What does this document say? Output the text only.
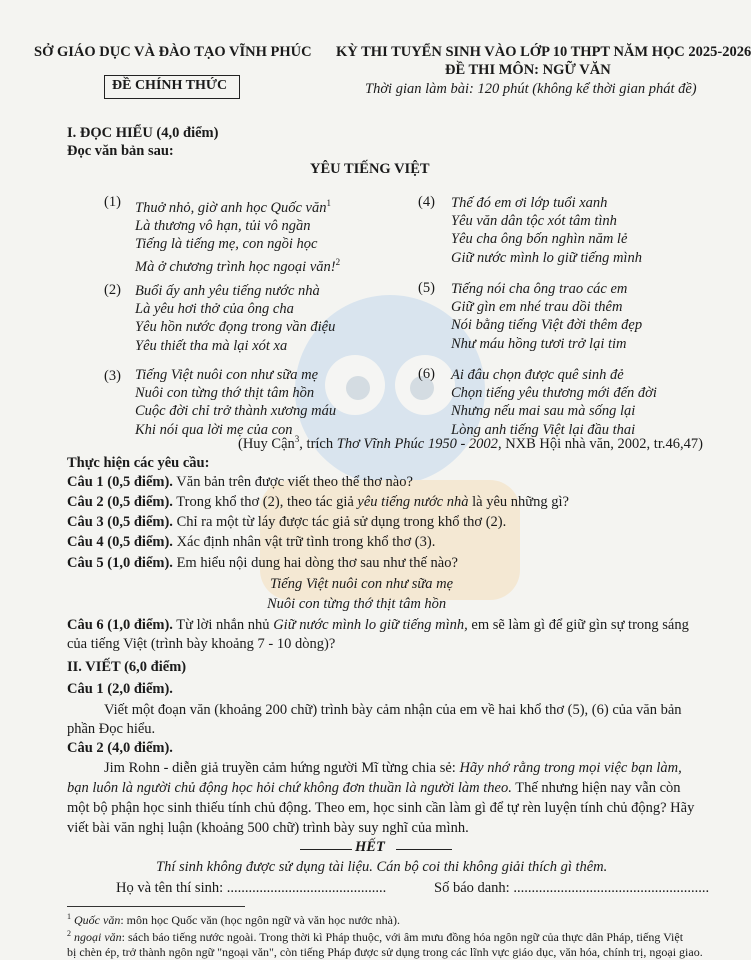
SỞ GIÁO DỤC VÀ ĐÀO TẠO VĨNH PHÚC
ĐỀ CHÍNH THỨC
KỲ THI TUYỂN SINH VÀO LỚP 10 THPT NĂM HỌC 2025-2026
ĐỀ THI MÔN: NGỮ VĂN
Thời gian làm bài: 120 phút (không kể thời gian phát đề)
I. ĐỌC HIỂU (4,0 điểm)
Đọc văn bản sau:
YÊU TIẾNG VIỆT
(1) Thuở nhỏ, giờ anh học Quốc văn$^1$
Là thương vô hạn, tủi vô ngần
Tiếng là tiếng mẹ, con ngồi học
Mà ở chương trình học ngoại văn!$^2$
(4) Thế đó em ơi lớp tuổi xanh
Yêu văn dân tộc xót tâm tình
Yêu cha ông bốn nghìn năm lẻ
Giữ nước mình lo giữ tiếng mình
(2) Buổi ấy anh yêu tiếng nước nhà
Là yêu hơi thở của ông cha
Yêu hồn nước đọng trong vần điệu
Yêu thiết tha mà lại xót xa
(5) Tiếng nói cha ông trao các em
Giữ gìn em nhé trau dồi thêm
Nói bằng tiếng Việt đời thêm đẹp
Như máu hồng tươi trở lại tim
(3) Tiếng Việt nuôi con như sữa mẹ
Nuôi con từng thớ thịt tâm hồn
Cuộc đời chỉ trở thành xương máu
Khi nói qua lời mẹ của con
(6) Ai đâu chọn được quê sinh đẻ
Chọn tiếng yêu thương mới đến đời
Nhưng nếu mai sau mà sống lại
Lòng anh tiếng Việt lại đầu thai
(Huy Cận$^3$, trích Thơ Vĩnh Phúc 1950 - 2002, NXB Hội nhà văn, 2002, tr.46,47)
Thực hiện các yêu cầu:
Câu 1 (0,5 điểm). Văn bản trên được viết theo thể thơ nào?
Câu 2 (0,5 điểm). Trong khổ thơ (2), theo tác giả yêu tiếng nước nhà là yêu những gì?
Câu 3 (0,5 điểm). Chỉ ra một từ láy được tác giả sử dụng trong khổ thơ (2).
Câu 4 (0,5 điểm). Xác định nhân vật trữ tình trong khổ thơ (3).
Câu 5 (1,0 điểm). Em hiểu nội dung hai dòng thơ sau như thế nào?
Tiếng Việt nuôi con như sữa mẹ
Nuôi con từng thớ thịt tâm hồn
Câu 6 (1,0 điểm). Từ lời nhắn nhủ Giữ nước mình lo giữ tiếng mình, em sẽ làm gì để giữ gìn sự trong sáng
của tiếng Việt (trình bày khoảng 7 - 10 dòng)?
II. VIẾT (6,0 điểm)
Câu 1 (2,0 điểm).
Viết một đoạn văn (khoảng 200 chữ) trình bày cảm nhận của em về hai khổ thơ (5), (6) của văn bản
phần Đọc hiểu.
Câu 2 (4,0 điểm).
Jim Rohn - diễn giả truyền cảm hứng người Mĩ từng chia sẻ: Hãy nhớ rằng trong mọi việc bạn làm,
bạn luôn là người chủ động học hỏi chứ không đơn thuần là người làm theo. Thế nhưng hiện nay vẫn còn
một bộ phận học sinh thiếu tính chủ động. Theo em, học sinh cần làm gì để tự rèn luyện tính chủ động? Hãy
viết bài văn nghị luận (khoảng 500 chữ) trình bày suy nghĩ của mình.
HẾT
Thí sinh không được sử dụng tài liệu. Cán bộ coi thi không giải thích gì thêm.
Họ và tên thí sinh: ............................................	Số báo danh: ......................................................
$^1$ Quốc văn: môn học Quốc văn (học ngôn ngữ và văn học nước nhà).
$^2$ ngoại văn: sách báo tiếng nước ngoài. Trong thời kì Pháp thuộc, với âm mưu đồng hóa ngôn ngữ của thực dân Pháp, tiếng Việt
bị chèn ép, trở thành ngôn ngữ "ngoại văn", còn tiếng Pháp được sử dụng trong các lĩnh vực giáo dục, văn hóa, chính trị, ngoại giao.
